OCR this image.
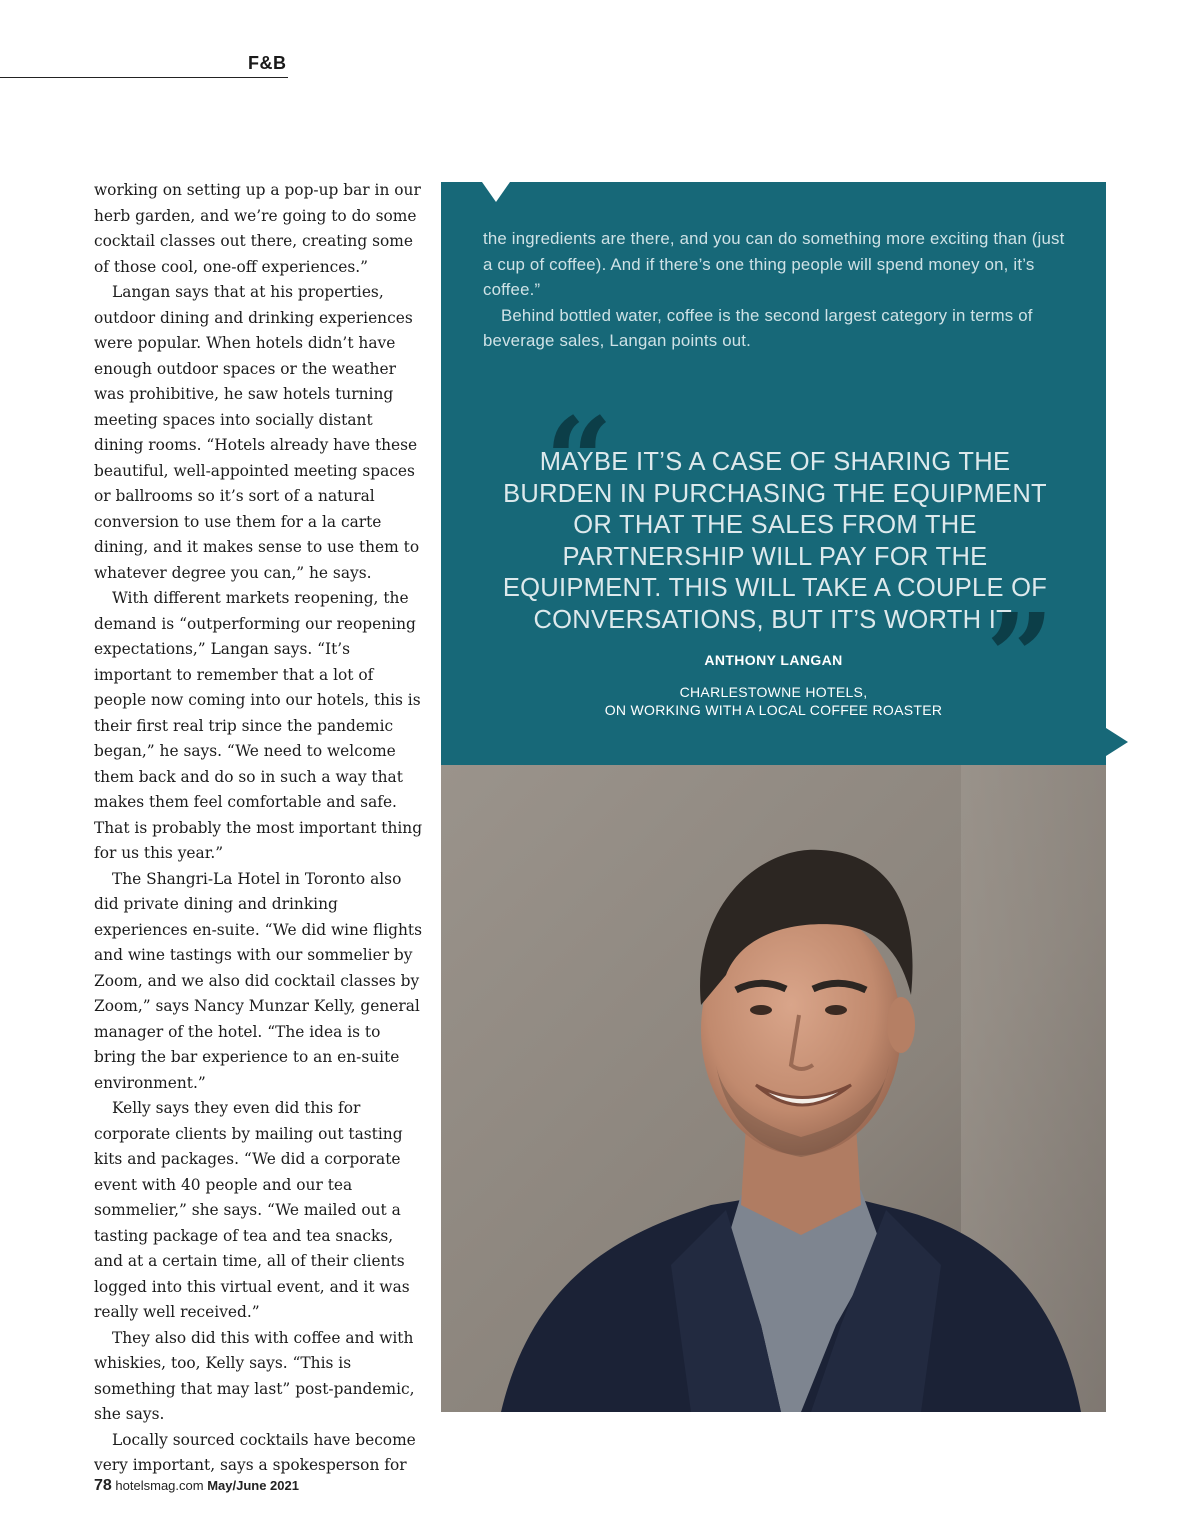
F&B

working on setting up a pop-up bar in our herb garden, and we’re going to do some cocktail classes out there, creating some of those cool, one-off experiences.”

Langan says that at his properties, outdoor dining and drinking experiences were popular. When hotels didn’t have enough outdoor spaces or the weather was prohibitive, he saw hotels turning meeting spaces into socially distant dining rooms. “Hotels already have these beautiful, well-appointed meeting spaces or ballrooms so it’s sort of a natural conversion to use them for a la carte dining, and it makes sense to use them to whatever degree you can,” he says.

With different markets reopening, the demand is “outperforming our reopening expectations,” Langan says. “It’s important to remember that a lot of people now coming into our hotels, this is their first real trip since the pandemic began,” he says. “We need to welcome them back and do so in such a way that makes them feel comfortable and safe. That is probably the most important thing for us this year.”

The Shangri-La Hotel in Toronto also did private dining and drinking experiences en-suite. “We did wine flights and wine tastings with our sommelier by Zoom, and we also did cocktail classes by Zoom,” says Nancy Munzar Kelly, general manager of the hotel. “The idea is to bring the bar experience to an en-suite environment.”

Kelly says they even did this for corporate clients by mailing out tasting kits and packages. “We did a corporate event with 40 people and our tea sommelier,” she says. “We mailed out a tasting package of tea and tea snacks, and at a certain time, all of their clients logged into this virtual event, and it was really well received.”

They also did this with coffee and with whiskies, too, Kelly says. “This is something that may last” post-pandemic, she says.

Locally sourced cocktails have become very important, says a spokesperson for

the ingredients are there, and you can do something more exciting than (just a cup of coffee). And if there’s one thing people will spend money on, it’s coffee.”

Behind bottled water, coffee is the second largest category in terms of beverage sales, Langan points out.

“
MAYBE IT’S A CASE OF SHARING THE BURDEN IN PURCHASING THE EQUIPMENT OR THAT THE SALES FROM THE PARTNERSHIP WILL PAY FOR THE EQUIPMENT. THIS WILL TAKE A COUPLE OF CONVERSATIONS, BUT IT’S WORTH IT.
”
ANTHONY LANGAN
CHARLESTOWNE HOTELS,
ON WORKING WITH A LOCAL COFFEE ROASTER
78 hotelsmag.com May/June 2021
